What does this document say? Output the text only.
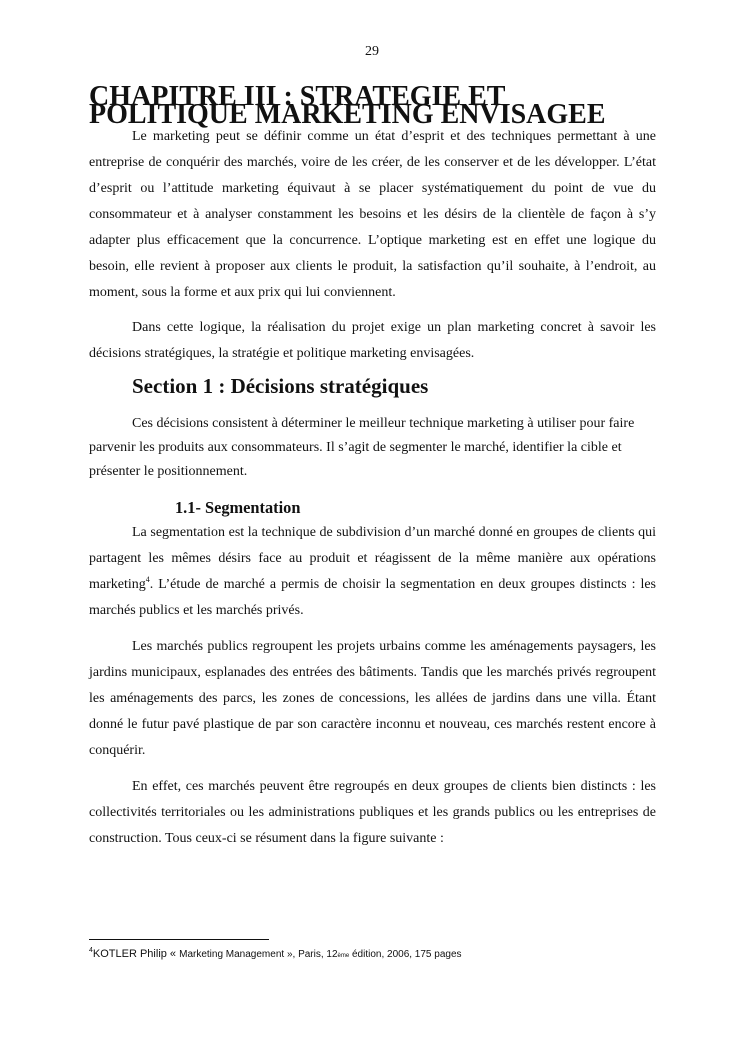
29
CHAPITRE III : STRATEGIE ET POLITIQUE MARKETING ENVISAGEE

Le marketing peut se définir comme un état d’esprit et des techniques permettant à une entreprise de conquérir des marchés, voire de les créer, de les conserver et de les développer. L’état d’esprit ou l’attitude marketing équivaut à se placer systématiquement du point de vue du consommateur et à analyser constamment les besoins et les désirs de la clientèle de façon à s’y adapter plus efficacement que la concurrence. L’optique marketing est en effet une logique du besoin, elle revient à proposer aux clients le produit, la satisfaction qu’il souhaite, à l’endroit, au moment, sous la forme et aux prix qui lui conviennent.

Dans cette logique, la réalisation du projet exige un plan marketing concret à savoir les décisions stratégiques, la stratégie et politique marketing envisagées.

Section 1 : Décisions stratégiques

Ces décisions consistent à déterminer le meilleur technique marketing à utiliser pour faire parvenir les produits aux consommateurs. Il s’agit de segmenter le marché, identifier la cible et présenter le positionnement.

1.1- Segmentation

La segmentation est la technique de subdivision d’un marché donné en groupes de clients qui partagent les mêmes désirs face au produit et réagissent de la même manière aux opérations marketing$^4$. L’étude de marché a permis de choisir la segmentation en deux groupes distincts : les marchés publics et les marchés privés.

Les marchés publics regroupent les projets urbains comme les aménagements paysagers, les jardins municipaux, esplanades des entrées des bâtiments. Tandis que les marchés privés regroupent les aménagements des parcs, les zones de concessions, les allées de jardins dans une villa. Étant donné le futur pavé plastique de par son caractère inconnu et nouveau, ces marchés restent encore à conquérir.

En effet, ces marchés peuvent être regroupés en deux groupes de clients bien distincts : les collectivités territoriales ou les administrations publiques et les grands publics ou les entreprises de construction. Tous ceux-ci se résument dans la figure suivante :

$^4$KOTLER Philip « Marketing Management », Paris, 12ème édition, 2006, 175 pages
